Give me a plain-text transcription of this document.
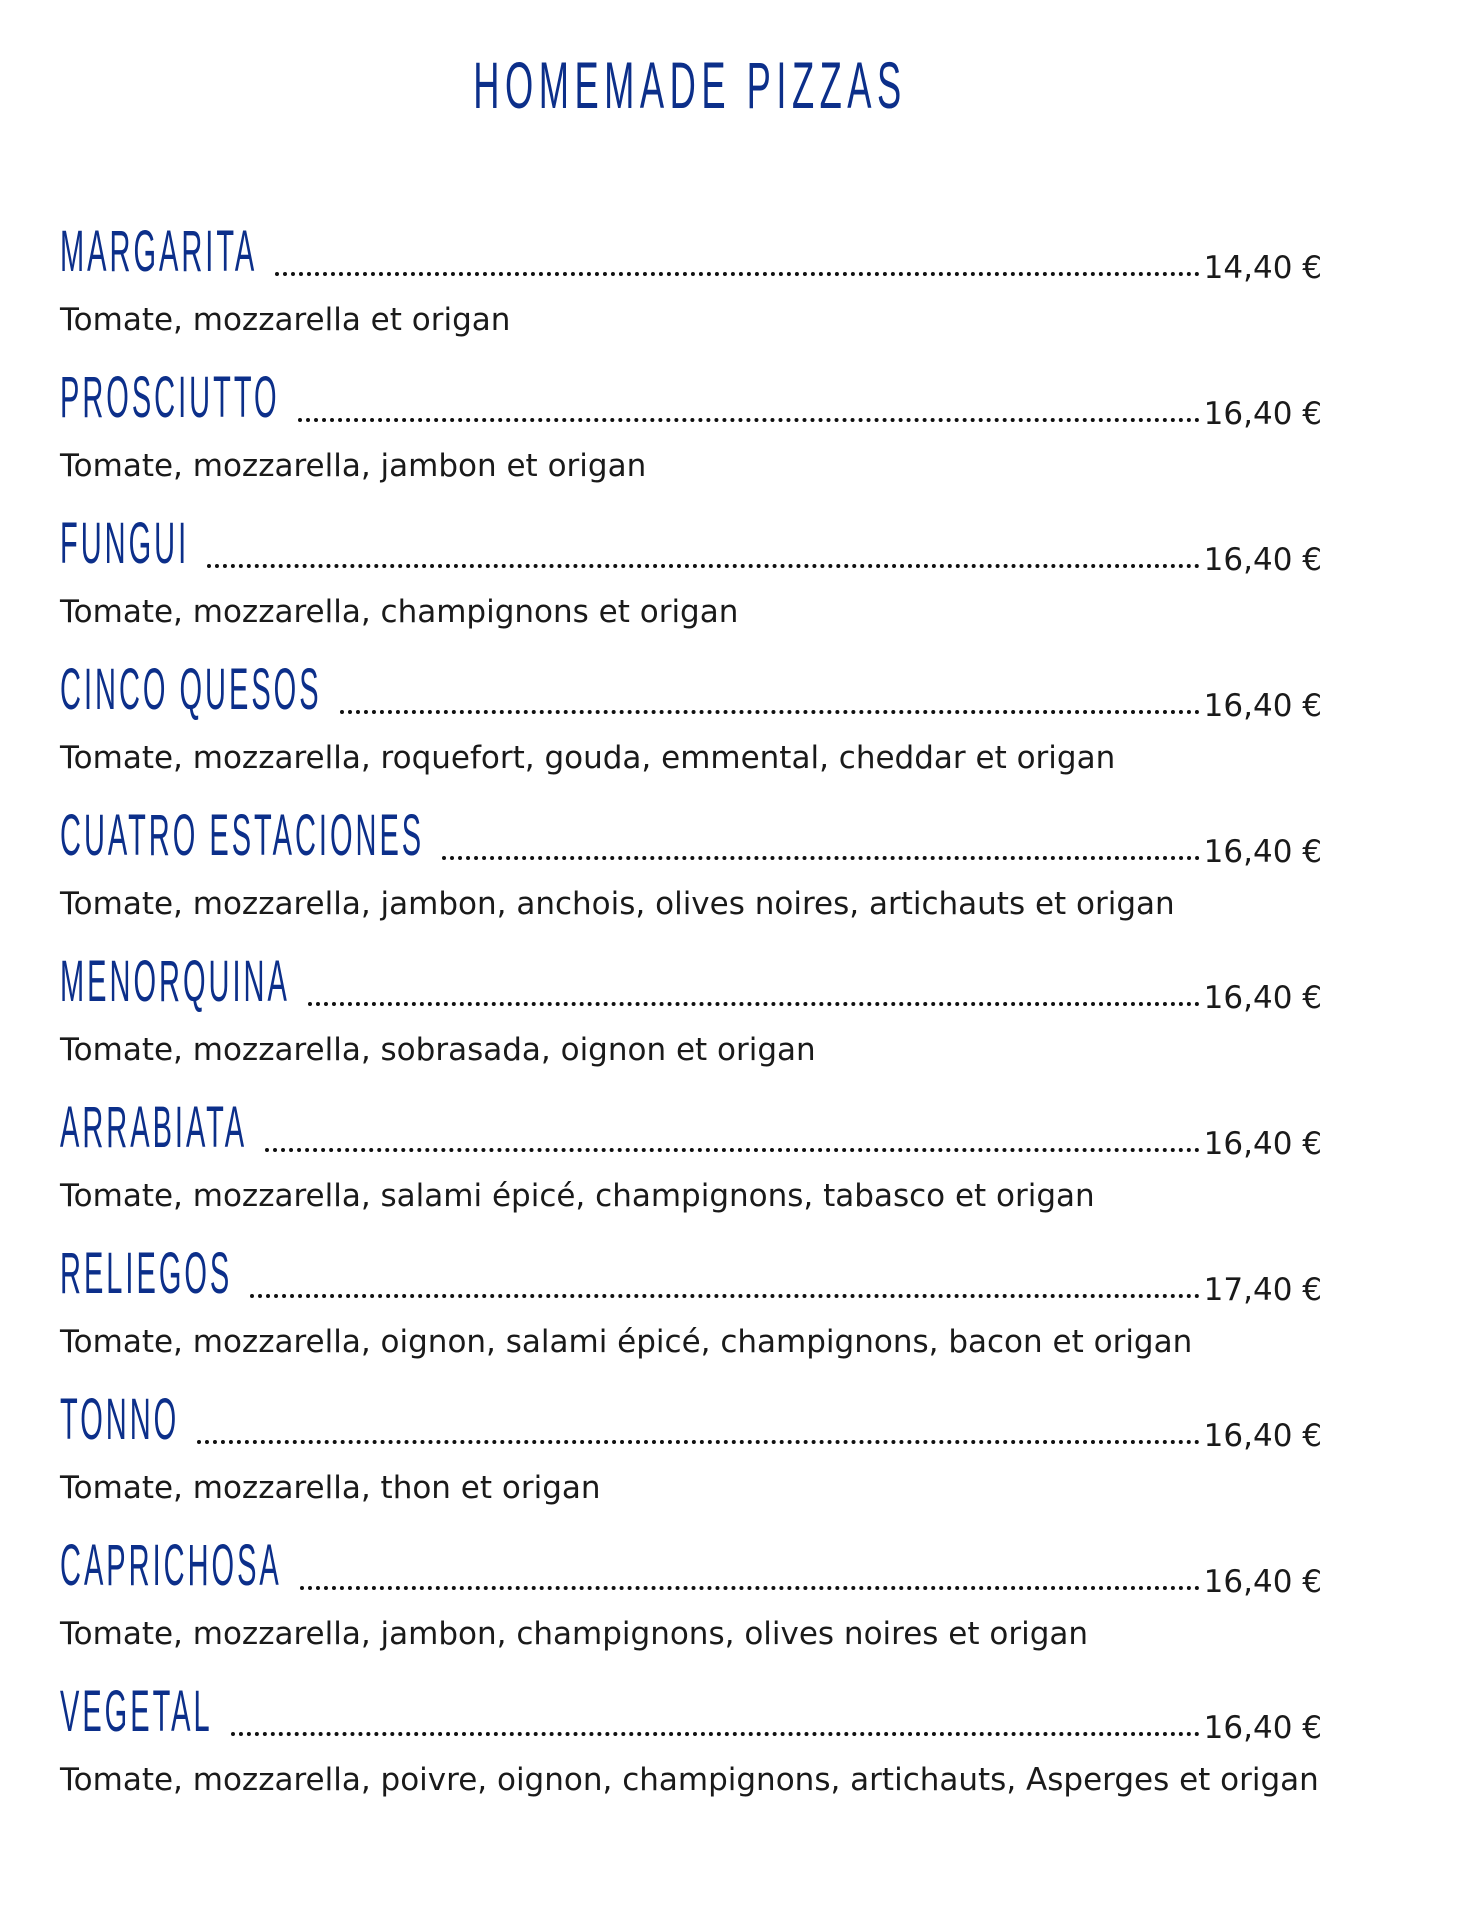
HOMEMADE PIZZAS
MARGARITA	14,40 €
Tomate, mozzarella et origan
PROSCIUTTO	16,40 €
Tomate, mozzarella, jambon et origan
FUNGUI	16,40 €
Tomate, mozzarella, champignons et origan
CINCO QUESOS	16,40 €
Tomate, mozzarella, roquefort, gouda, emmental, cheddar et origan
CUATRO ESTACIONES	16,40 €
Tomate, mozzarella, jambon, anchois, olives noires, artichauts et origan
MENORQUINA	16,40 €
Tomate, mozzarella, sobrasada, oignon et origan
ARRABIATA	16,40 €
Tomate, mozzarella, salami épicé, champignons, tabasco et origan
RELIEGOS	17,40 €
Tomate, mozzarella, oignon, salami épicé, champignons, bacon et origan
TONNO	16,40 €
Tomate, mozzarella, thon et origan
CAPRICHOSA	16,40 €
Tomate, mozzarella, jambon, champignons, olives noires et origan
VEGETAL	16,40 €
Tomate, mozzarella, poivre, oignon, champignons, artichauts, Asperges et origan
